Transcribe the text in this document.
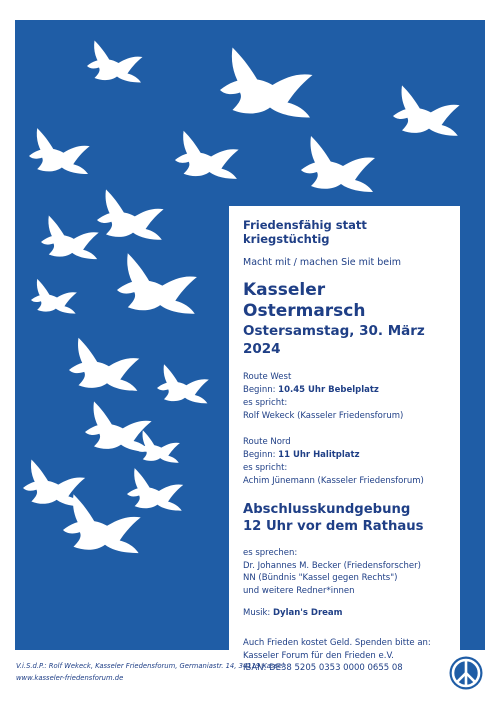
Friedensfähig statt kriegstüchtig
Macht mit / machen Sie mit beim
Kasseler Ostermarsch
Ostersamstag, 30. März 2024
Route West
Beginn: 10.45 Uhr Bebelplatz
es spricht:
Rolf Wekeck (Kasseler Friedensforum)
Route Nord
Beginn: 11 Uhr Halitplatz
es spricht:
Achim Jünemann (Kasseler Friedensforum)
Abschlusskundgebung
12 Uhr vor dem Rathaus
es sprechen:
Dr. Johannes M. Becker (Friedensforscher)
NN (Bündnis "Kassel gegen Rechts")
und weitere Redner*innen
Musik: Dylan's Dream
Auch Frieden kostet Geld. Spenden bitte an:
Kasseler Forum für den Frieden e.V.
IBAN: DE38 5205 0353 0000 0655 08
V.i.S.d.P.: Rolf Wekeck, Kasseler Friedensforum, Germaniastr. 14, 34119 Kassel
www.kasseler-friedensforum.de
